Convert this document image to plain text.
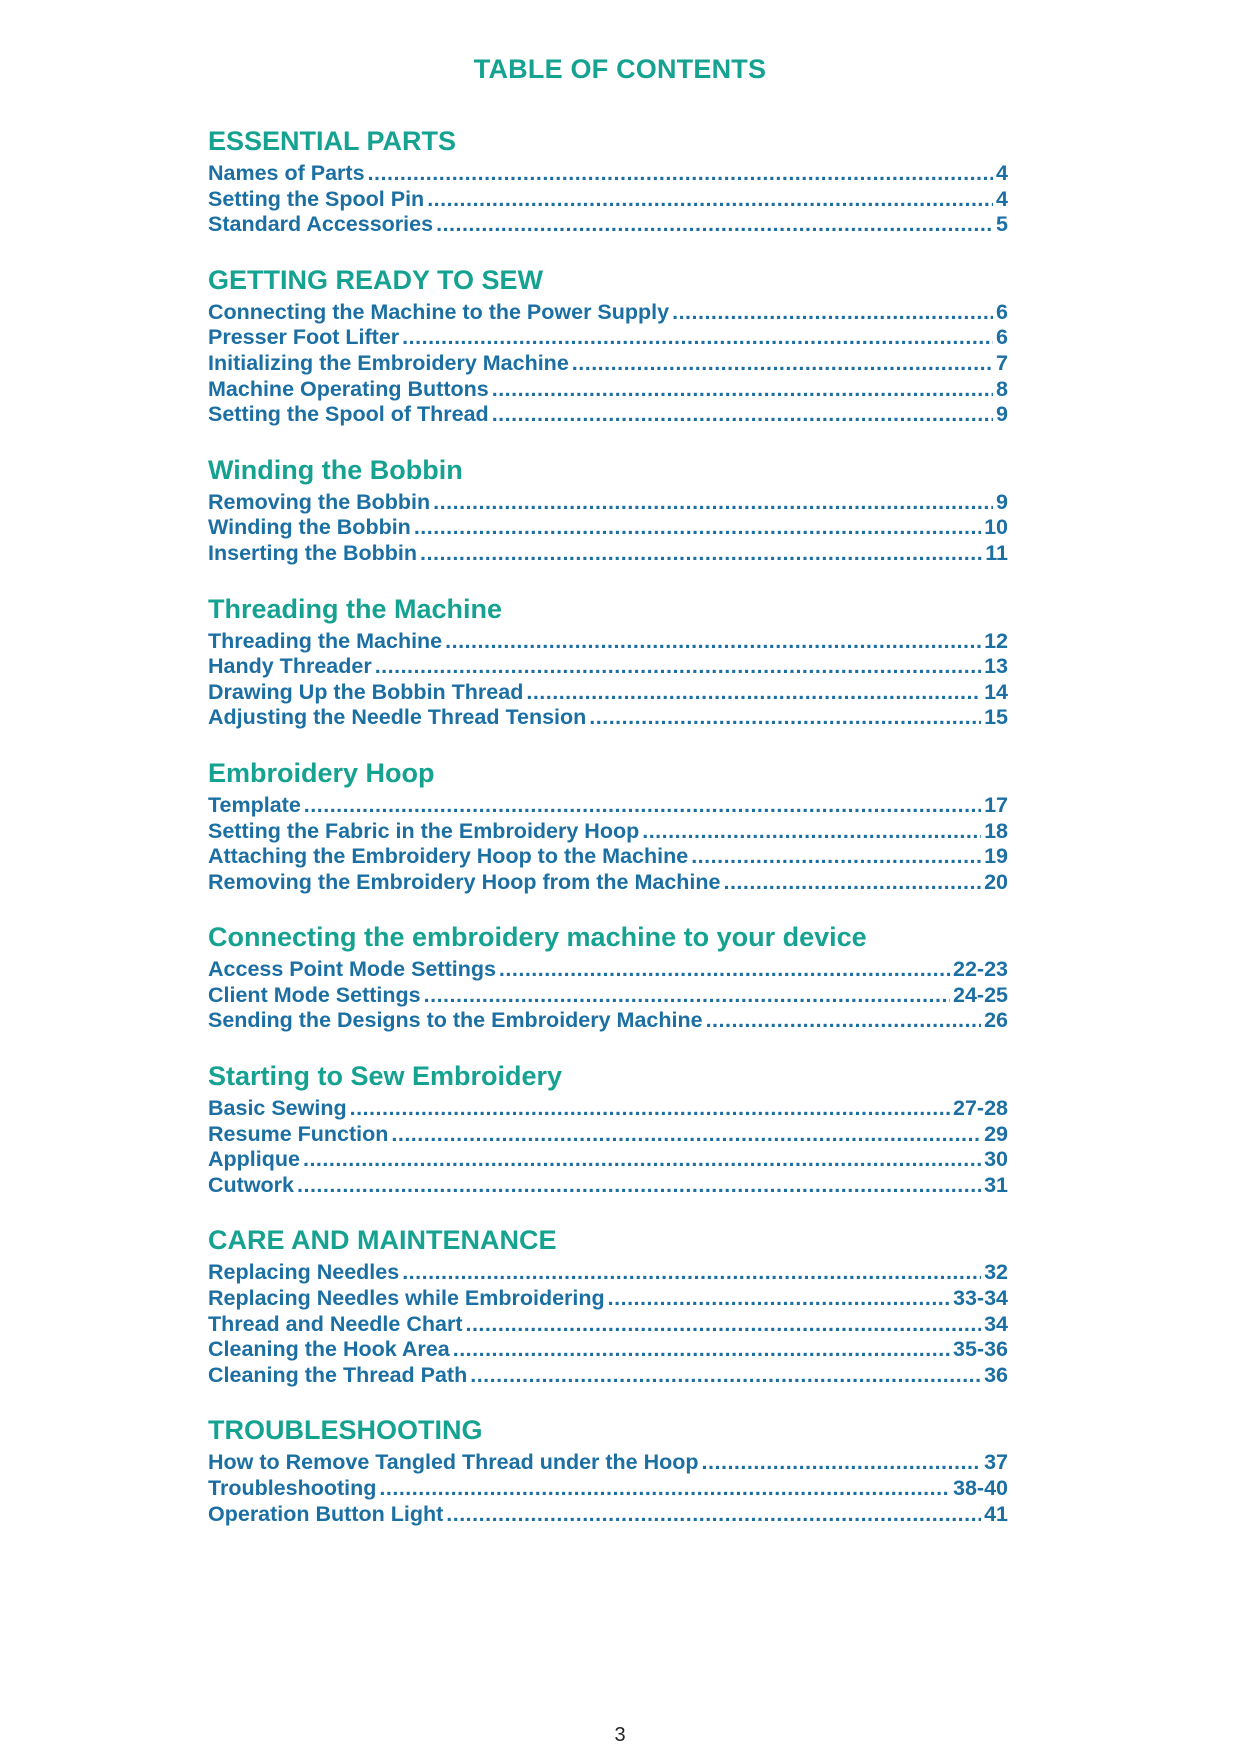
TABLE OF CONTENTS
ESSENTIAL PARTS
Names of Parts .....	4
Setting the Spool Pin .....	4
Standard Accessories .....	5
GETTING READY TO SEW
Connecting the Machine to the Power Supply .....	6
Presser Foot Lifter .....	6
Initializing the Embroidery Machine .....	7
Machine Operating Buttons .....	8
Setting the Spool of Thread .....	9
Winding the Bobbin
Removing the Bobbin .....	9
Winding the Bobbin .....	10
Inserting the Bobbin .....	11
Threading the Machine
Threading the Machine .....	12
Handy Threader .....	13
Drawing Up the Bobbin Thread .....	14
Adjusting the Needle Thread Tension .....	15
Embroidery Hoop
Template .....	17
Setting the Fabric in the Embroidery Hoop .....	18
Attaching the Embroidery Hoop to the Machine .....	19
Removing the Embroidery Hoop from the Machine .....	20
Connecting the embroidery machine to your device
Access Point Mode Settings .....	22-23
Client Mode Settings .....	24-25
Sending the Designs to the Embroidery Machine .....	26
Starting to Sew Embroidery
Basic Sewing .....	27-28
Resume Function .....	29
Applique .....	30
Cutwork .....	31
CARE AND MAINTENANCE
Replacing Needles .....	32
Replacing Needles while Embroidering .....	33-34
Thread and Needle Chart .....	34
Cleaning the Hook Area .....	35-36
Cleaning the Thread Path .....	36
TROUBLESHOOTING
How to Remove Tangled Thread under the Hoop .....	37
Troubleshooting .....	38-40
Operation Button Light .....	41
3
